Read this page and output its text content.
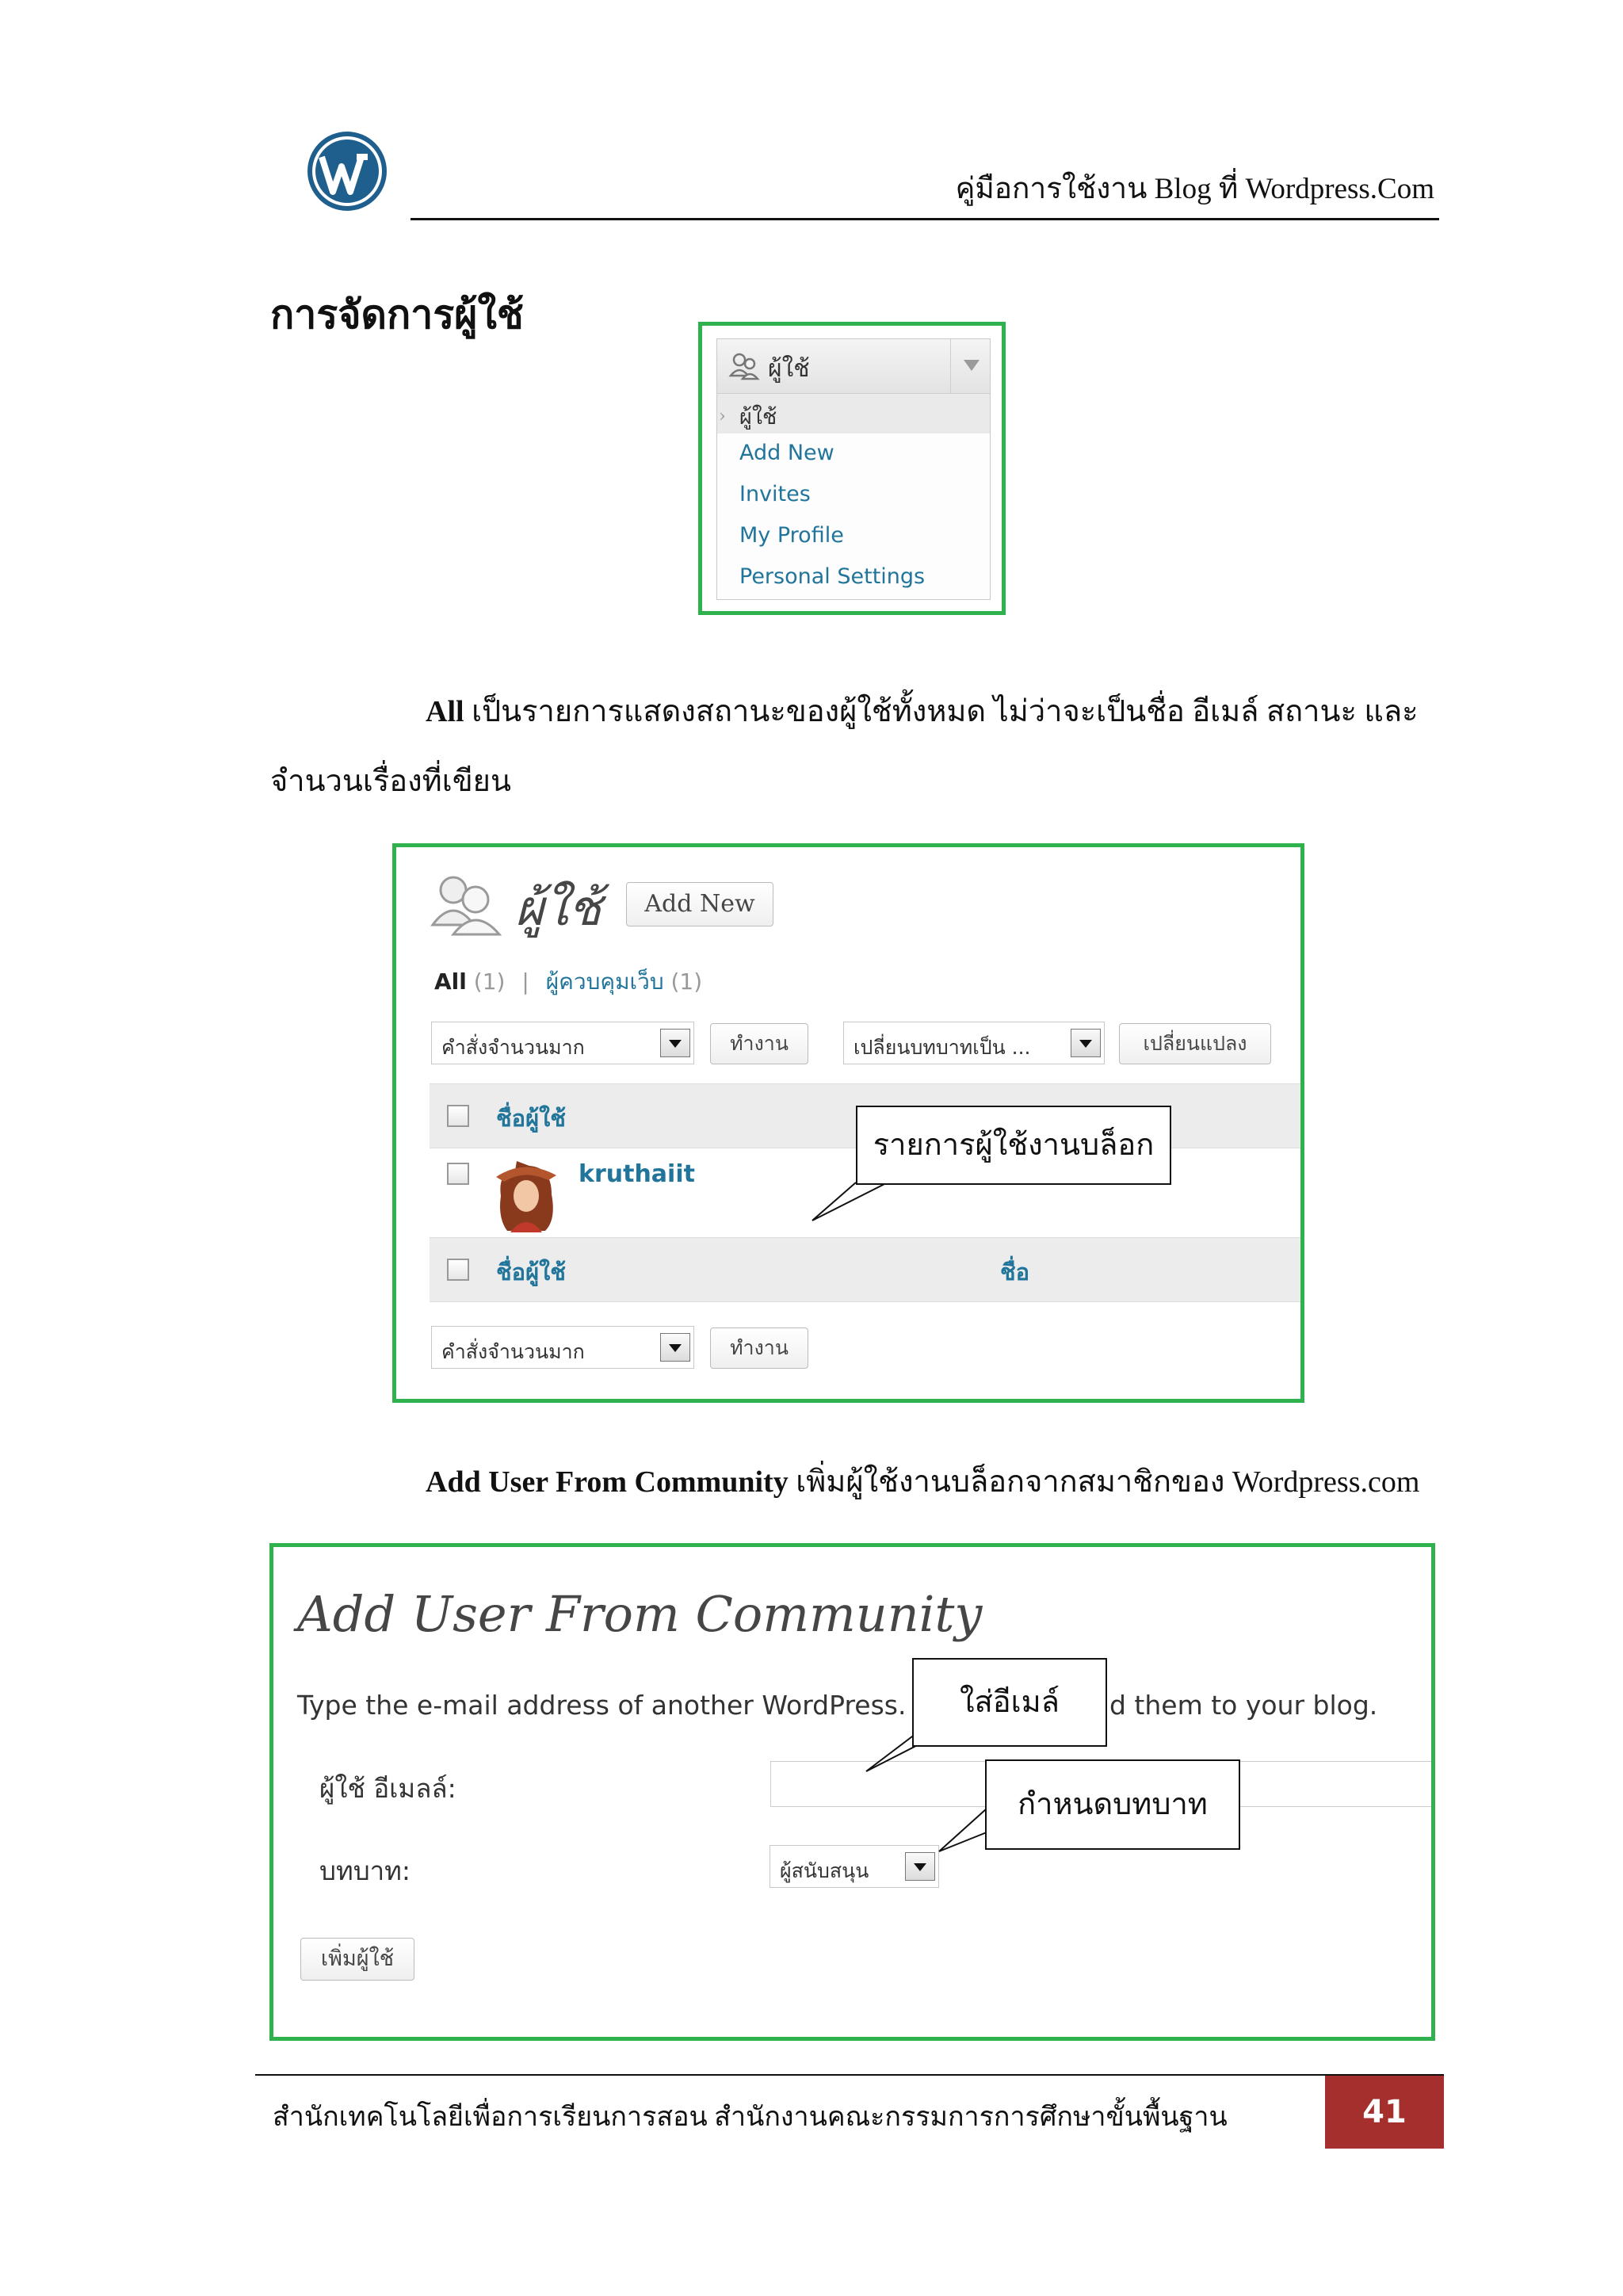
คู่มือการใช้งาน Blog ที่ Wordpress.Com
การจัดการผู้ใช้
ผู้ใช้
› ผู้ใช้
Add New
Invites
My Profile
Personal Settings
All เป็นรายการแสดงสถานะของผู้ใช้ทั้งหมด ไม่ว่าจะเป็นชื่อ อีเมล์ สถานะ และ
จำนวนเรื่องที่เขียน
ผู้ใช้	Add New
All (1) | ผู้ควบคุมเว็บ (1)
คำสั่งจำนวนมาก	ทำงาน	เปลี่ยนบทบาทเป็น ...	เปลี่ยนแปลง
ชื่อผู้ใช้
kruthaiit
ชื่อผู้ใช้	ชื่อ
คำสั่งจำนวนมาก	ทำงาน
รายการผู้ใช้งานบล็อก
Add User From Community เพิ่มผู้ใช้งานบล็อกจากสมาชิกของ Wordpress.com
Add User From Community
Type the e-mail address of another WordPress.	d them to your blog.
ผู้ใช้ อีเมลล์:
บทบาท:	ผู้สนับสนุน
เพิ่มผู้ใช้
ใส่อีเมล์
กำหนดบทบาท
สำนักเทคโนโลยีเพื่อการเรียนการสอน สำนักงานคณะกรรมการการศึกษาขั้นพื้นฐาน	41
